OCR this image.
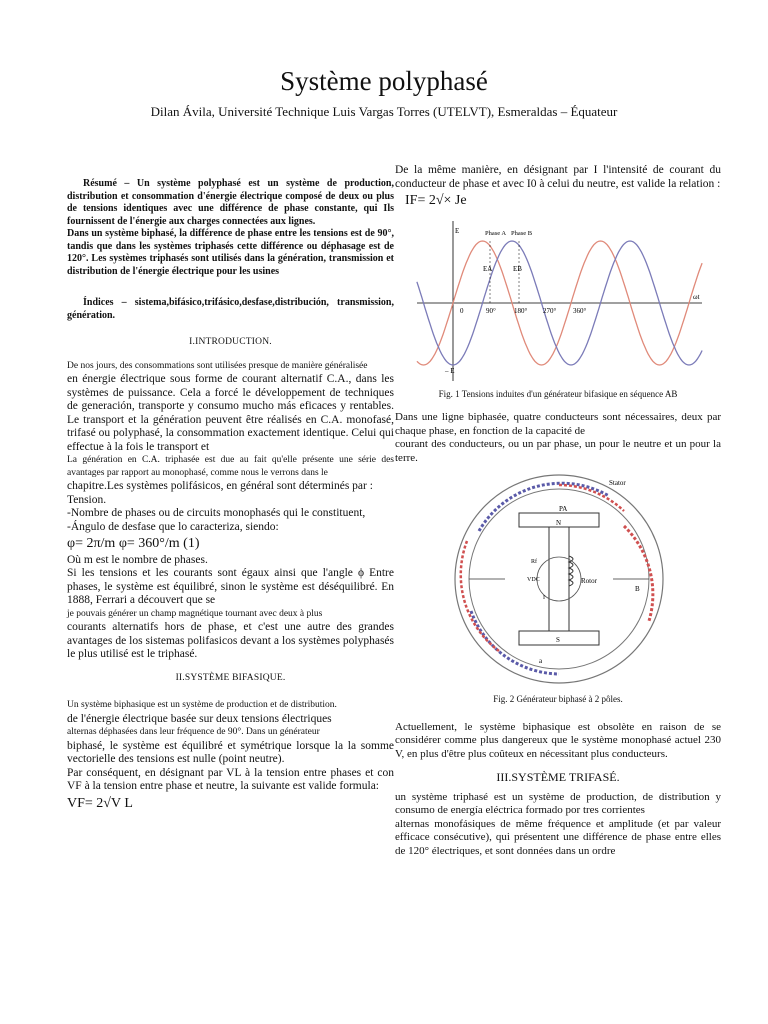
Système polyphasé
Dilan Ávila, Université Technique Luis Vargas Torres (UTELVT), Esmeraldas – Équateur

Résumé – Un système polyphasé est un système de production, distribution et consommation d'énergie électrique composé de deux ou plus de tensions identiques avec une différence de phase constante, qui Ils fournissent de l'énergie aux charges connectées aux lignes.

Dans un système biphasé, la différence de phase entre les tensions est de 90°, tandis que dans les systèmes triphasés cette différence ou déphasage est de 120°. Les systèmes triphasés sont utilisés dans la génération, transmission et distribution de l'énergie électrique pour les usines

Índices – sistema,bifásico,trifásico,desfase,distribución, transmission, génération.

I.INTRODUCTION.

De nos jours, des consommations sont utilisées presque de manière généralisée

en énergie électrique sous forme de courant alternatif C.A., dans les systèmes de puissance. Cela a forcé le développement de techniques de generación, transporte y consumo mucho más eficaces y rentables. Le transport et la génération peuvent être réalisés en C.A. monofasé, trifasé ou polyphasé, la consommation exactement identique. Celui qui effectue à la fois le transport et

La génération en C.A. triphasée est due au fait qu'elle présente une série des avantages par rapport au monophasé, comme nous le verrons dans le

chapitre.Les systèmes polifásicos, en général sont déterminés par :

Tension.

-Nombre de phases ou de circuits monophasés qui le constituent,

-Ángulo de desfase que lo caracteriza, siendo:

φ= 2π/m φ= 360°/m (1)

Où m est le nombre de phases.

Si les tensions et les courants sont égaux ainsi que l'angle ϕ Entre phases, le système est équilibré, sinon le système est déséquilibré. En 1888, Ferrari a découvert que se

je pouvais générer un champ magnétique tournant avec deux à plus

courants alternatifs hors de phase, et c'est une autre des grandes avantages de los sistemas polifasicos devant a los systèmes polyphasés le plus utilisé est le triphasé.

II.SYSTÈME BIFASIQUE.

Un système biphasique est un système de production et de distribution.

de l'énergie électrique basée sur deux tensions électriques

alternas déphasées dans leur fréquence de 90°. Dans un générateur

biphasé, le système est équilibré et symétrique lorsque la la somme vectorielle des tensions est nulle (point neutre).

Par conséquent, en désignant par VL à la tension entre phases et con VF à la tension entre phase et neutre, la suivante est valide formula:

VF= 2√V L

De la même manière, en désignant par I l'intensité de courant du conducteur de phase et avec I0 à celui du neutre, est valide la relation :

IF= 2√× Je

Phase A Phase B
E
EA	EB
– E
ωt
0	90°	180° 270° 360°

Fig. 1 Tensions induites d'un générateur bifasique en séquence AB

Dans une ligne biphasée, quatre conducteurs sont nécessaires, deux par chaque phase, en fonction de la capacité de

courant des conducteurs, ou un par phase, un pour le neutre et un pour la terre.

Stator
Rotor
PA
N
S
B
a
VDC
Rf
I

Fig. 2 Générateur biphasé à 2 pôles.

Actuellement, le système biphasique est obsolète en raison de se considérer comme plus dangereux que le système monophasé actuel 230 V, en plus d'être plus coûteux en nécessitant plus conducteurs.

III.SYSTÈME TRIFASÉ.

un système triphasé est un système de production, de distribution y consumo de energía eléctrica formado por tres corrientes

alternas monofásiques de même fréquence et amplitude (et par valeur efficace consécutive), qui présentent une différence de phase entre elles de 120° électriques, et sont données dans un ordre
